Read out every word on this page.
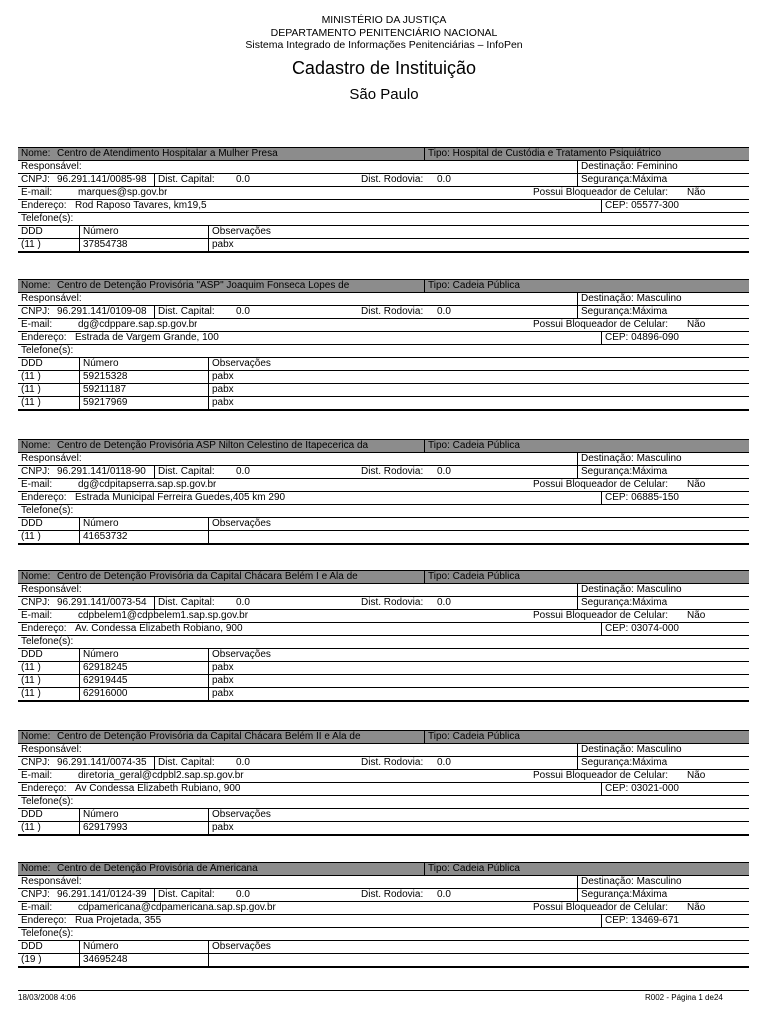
MINISTÉRIO DA JUSTIÇA
DEPARTAMENTO PENITENCIÁRIO NACIONAL
Sistema Integrado de Informações Penitenciárias – InfoPen
Cadastro de Instituição
São Paulo
Nome: Centro de Atendimento Hospitalar a Mulher Presa	Tipo: Hospital de Custódia e Tratamento Psiquiátrico
Responsável:	Destinação: Feminino
CNPJ: 96.291.141/0085-98	Dist. Capital: 0.0	Dist. Rodovia: 0.0	Segurança:Máxima
E-mail:	marques@sp.gov.br	Possui Bloqueador de Celular: Não
Endereço: Rod Raposo Tavares, km19,5	CEP: 05577-300
Telefone(s):
DDD	Número	Observações
(11 )	37854738	pabx
Nome: Centro de Detenção Provisória "ASP" Joaquim Fonseca Lopes de	Tipo: Cadeia Pública
Responsável:	Destinação: Masculino
CNPJ: 96.291.141/0109-08	Dist. Capital: 0.0	Dist. Rodovia: 0.0	Segurança:Máxima
E-mail:	dg@cdppare.sap.sp.gov.br	Possui Bloqueador de Celular: Não
Endereço: Estrada de Vargem Grande, 100	CEP: 04896-090
Telefone(s):
DDD	Número	Observações
(11 )	59215328	pabx
(11 )	59211187	pabx
(11 )	59217969	pabx
Nome: Centro de Detenção Provisória ASP Nilton Celestino de Itapecerica da	Tipo: Cadeia Pública
Responsável:	Destinação: Masculino
CNPJ: 96.291.141/0118-90	Dist. Capital: 0.0	Dist. Rodovia: 0.0	Segurança:Máxima
E-mail:	dg@cdpitapserra.sap.sp.gov.br	Possui Bloqueador de Celular: Não
Endereço: Estrada Municipal Ferreira Guedes,405 km 290	CEP: 06885-150
Telefone(s):
DDD	Número	Observações
(11 )	41653732
Nome: Centro de Detenção Provisória da Capital Chácara Belém I e Ala de	Tipo: Cadeia Pública
Responsável:	Destinação: Masculino
CNPJ: 96.291.141/0073-54	Dist. Capital: 0.0	Dist. Rodovia: 0.0	Segurança:Máxima
E-mail:	cdpbelem1@cdpbelem1.sap.sp.gov.br	Possui Bloqueador de Celular: Não
Endereço: Av. Condessa Elizabeth Robiano, 900	CEP: 03074-000
Telefone(s):
DDD	Número	Observações
(11 )	62918245	pabx
(11 )	62919445	pabx
(11 )	62916000	pabx
Nome: Centro de Detenção Provisória da Capital Chácara Belém II e Ala de	Tipo: Cadeia Pública
Responsável:	Destinação: Masculino
CNPJ: 96.291.141/0074-35	Dist. Capital: 0.0	Dist. Rodovia: 0.0	Segurança:Máxima
E-mail:	diretoria_geral@cdpbl2.sap.sp.gov.br	Possui Bloqueador de Celular: Não
Endereço: Av Condessa Elizabeth Rubiano, 900	CEP: 03021-000
Telefone(s):
DDD	Número	Observações
(11 )	62917993	pabx
Nome: Centro de Detenção Provisória de Americana	Tipo: Cadeia Pública
Responsável:	Destinação: Masculino
CNPJ: 96.291.141/0124-39	Dist. Capital: 0.0	Dist. Rodovia: 0.0	Segurança:Máxima
E-mail:	cdpamericana@cdpamericana.sap.sp.gov.br	Possui Bloqueador de Celular: Não
Endereço: Rua Projetada, 355	CEP: 13469-671
Telefone(s):
DDD	Número	Observações
(19 )	34695248
18/03/2008 4:06	R002 - Página 1 de24
